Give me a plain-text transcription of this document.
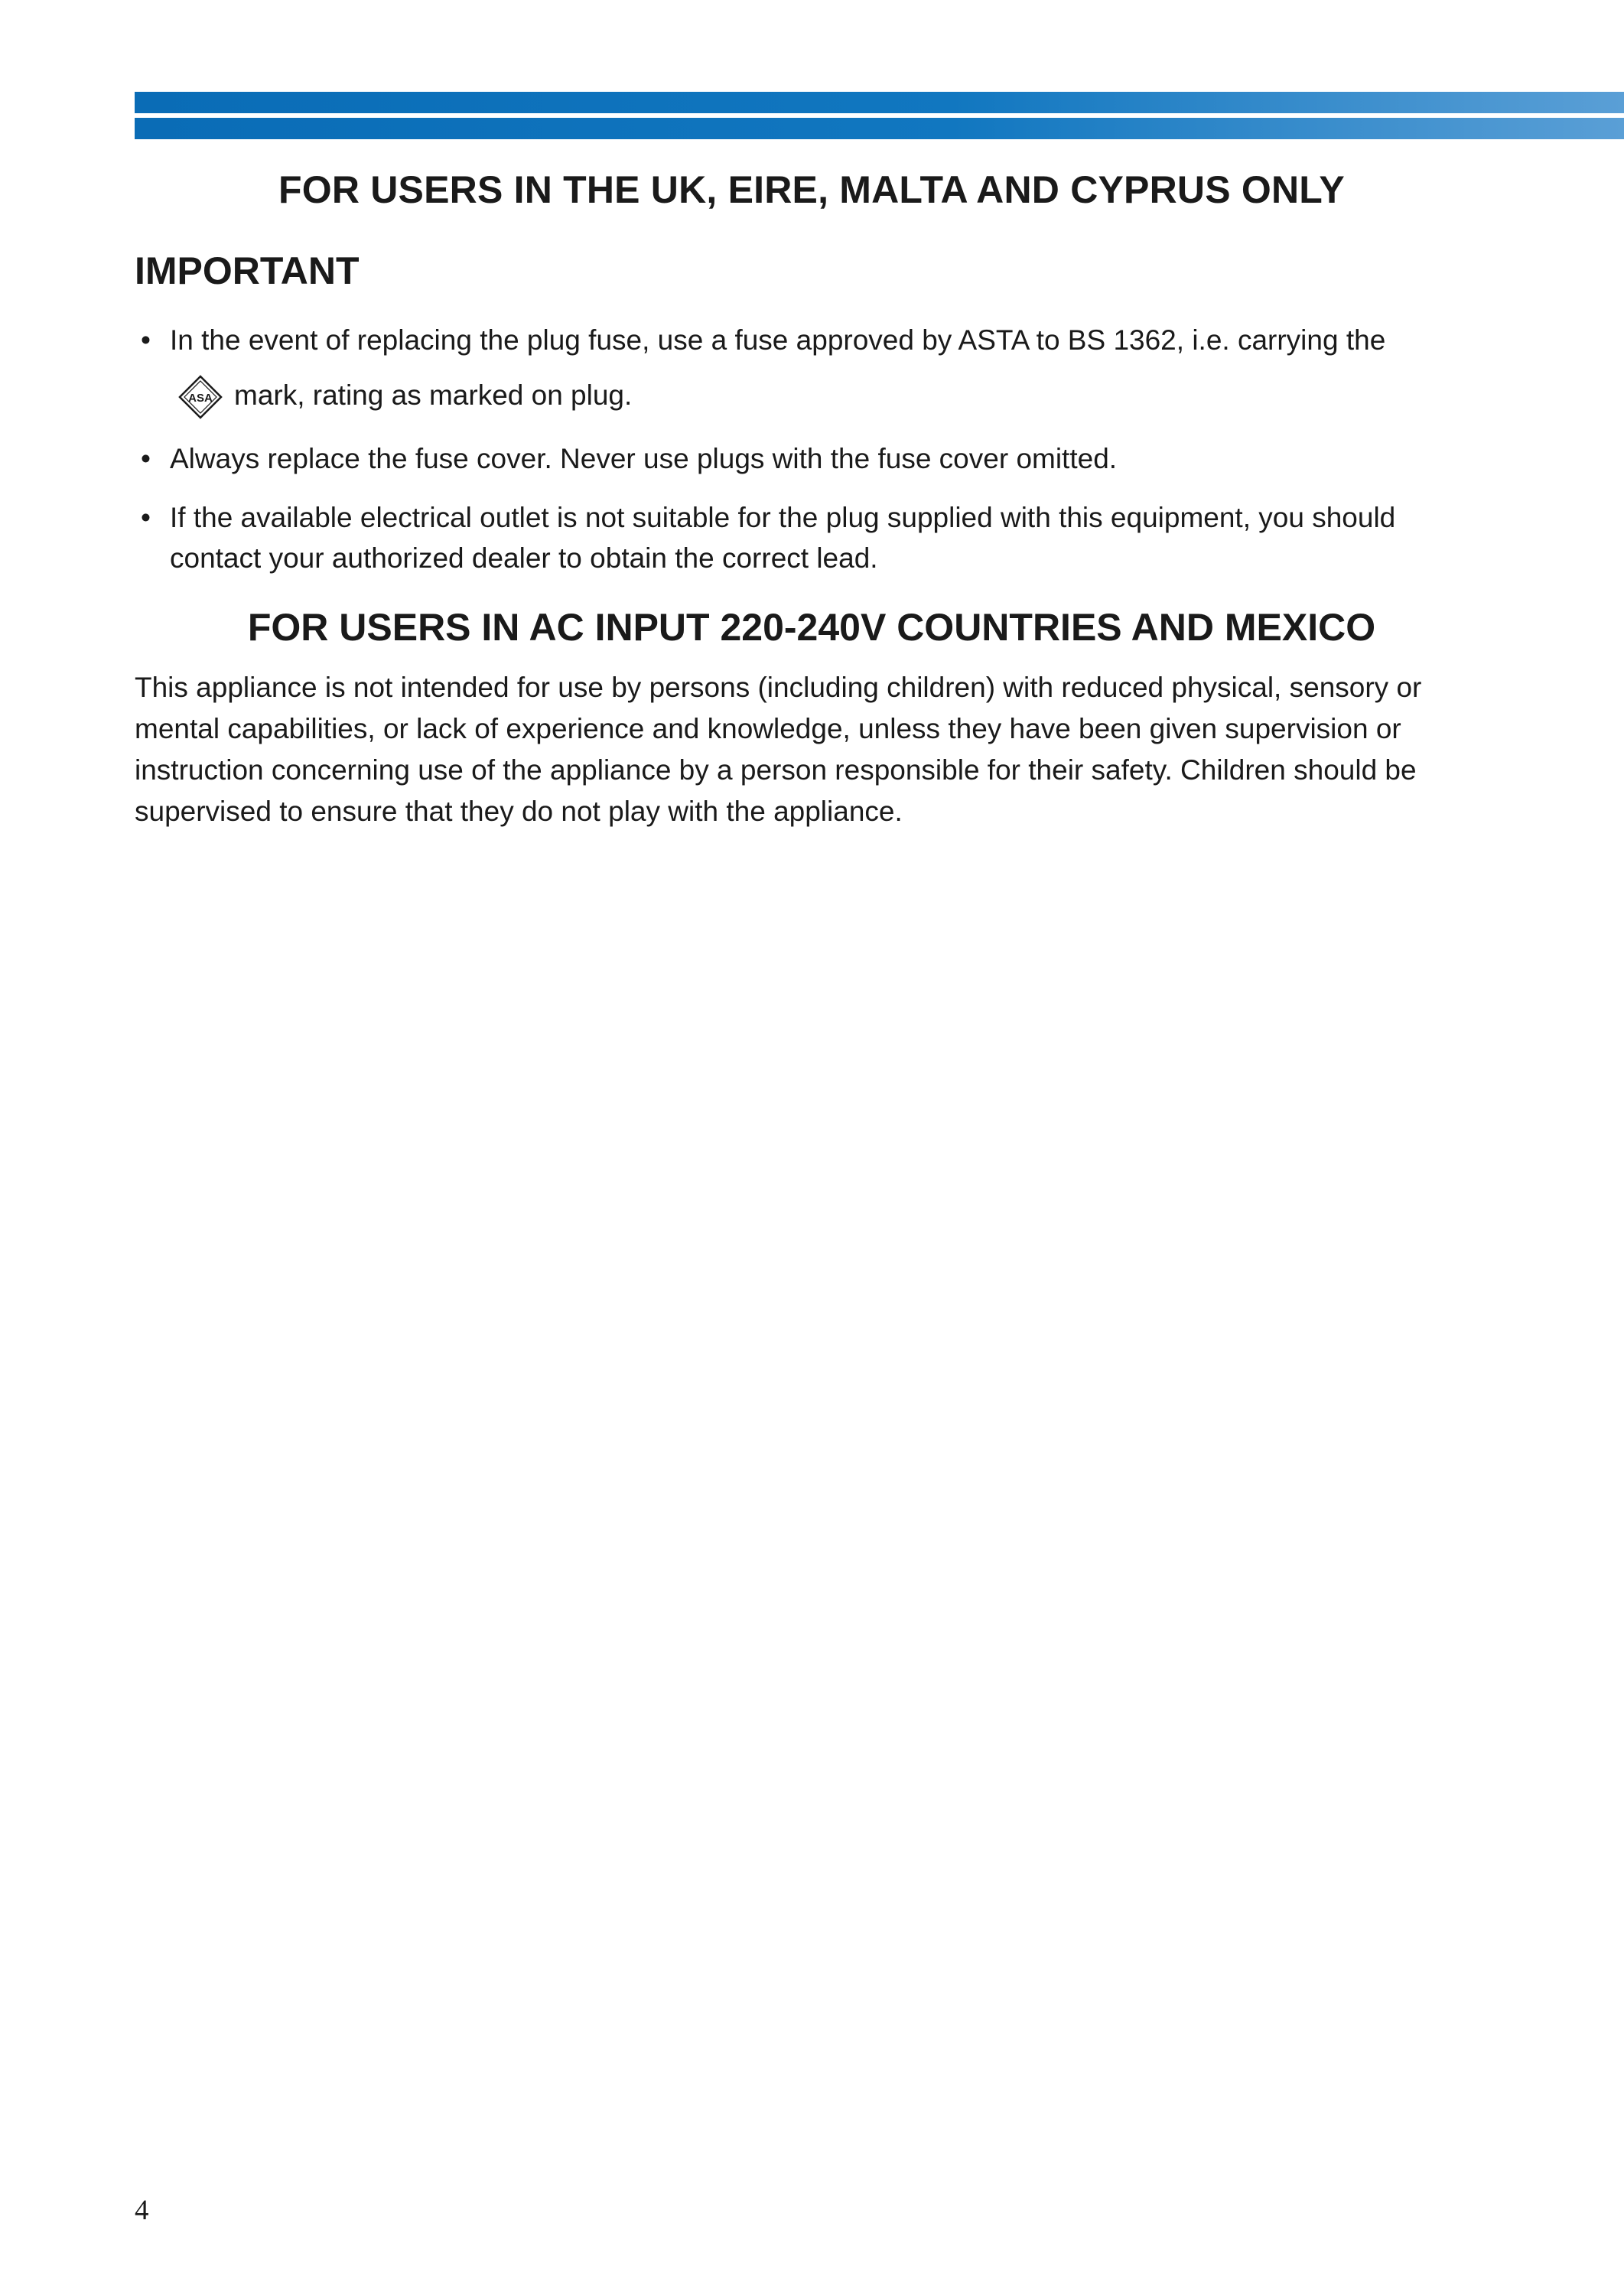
FOR USERS IN THE UK, EIRE, MALTA AND CYPRUS ONLY
IMPORTANT
• In the event of replacing the plug fuse, use a fuse approved by ASTA to BS 1362, i.e. carrying the
ASA mark, rating as marked on plug.
• Always replace the fuse cover. Never use plugs with the fuse cover omitted.
• If the available electrical outlet is not suitable for the plug supplied with this equipment, you should contact your authorized dealer to obtain the correct lead.
FOR USERS IN AC INPUT 220-240V COUNTRIES AND MEXICO

This appliance is not intended for use by persons (including children) with reduced physical, sensory or mental capabilities, or lack of experience and knowledge, unless they have been given supervision or instruction concerning use of the appliance by a person responsible for their safety. Children should be supervised to ensure that they do not play with the appliance.

4
